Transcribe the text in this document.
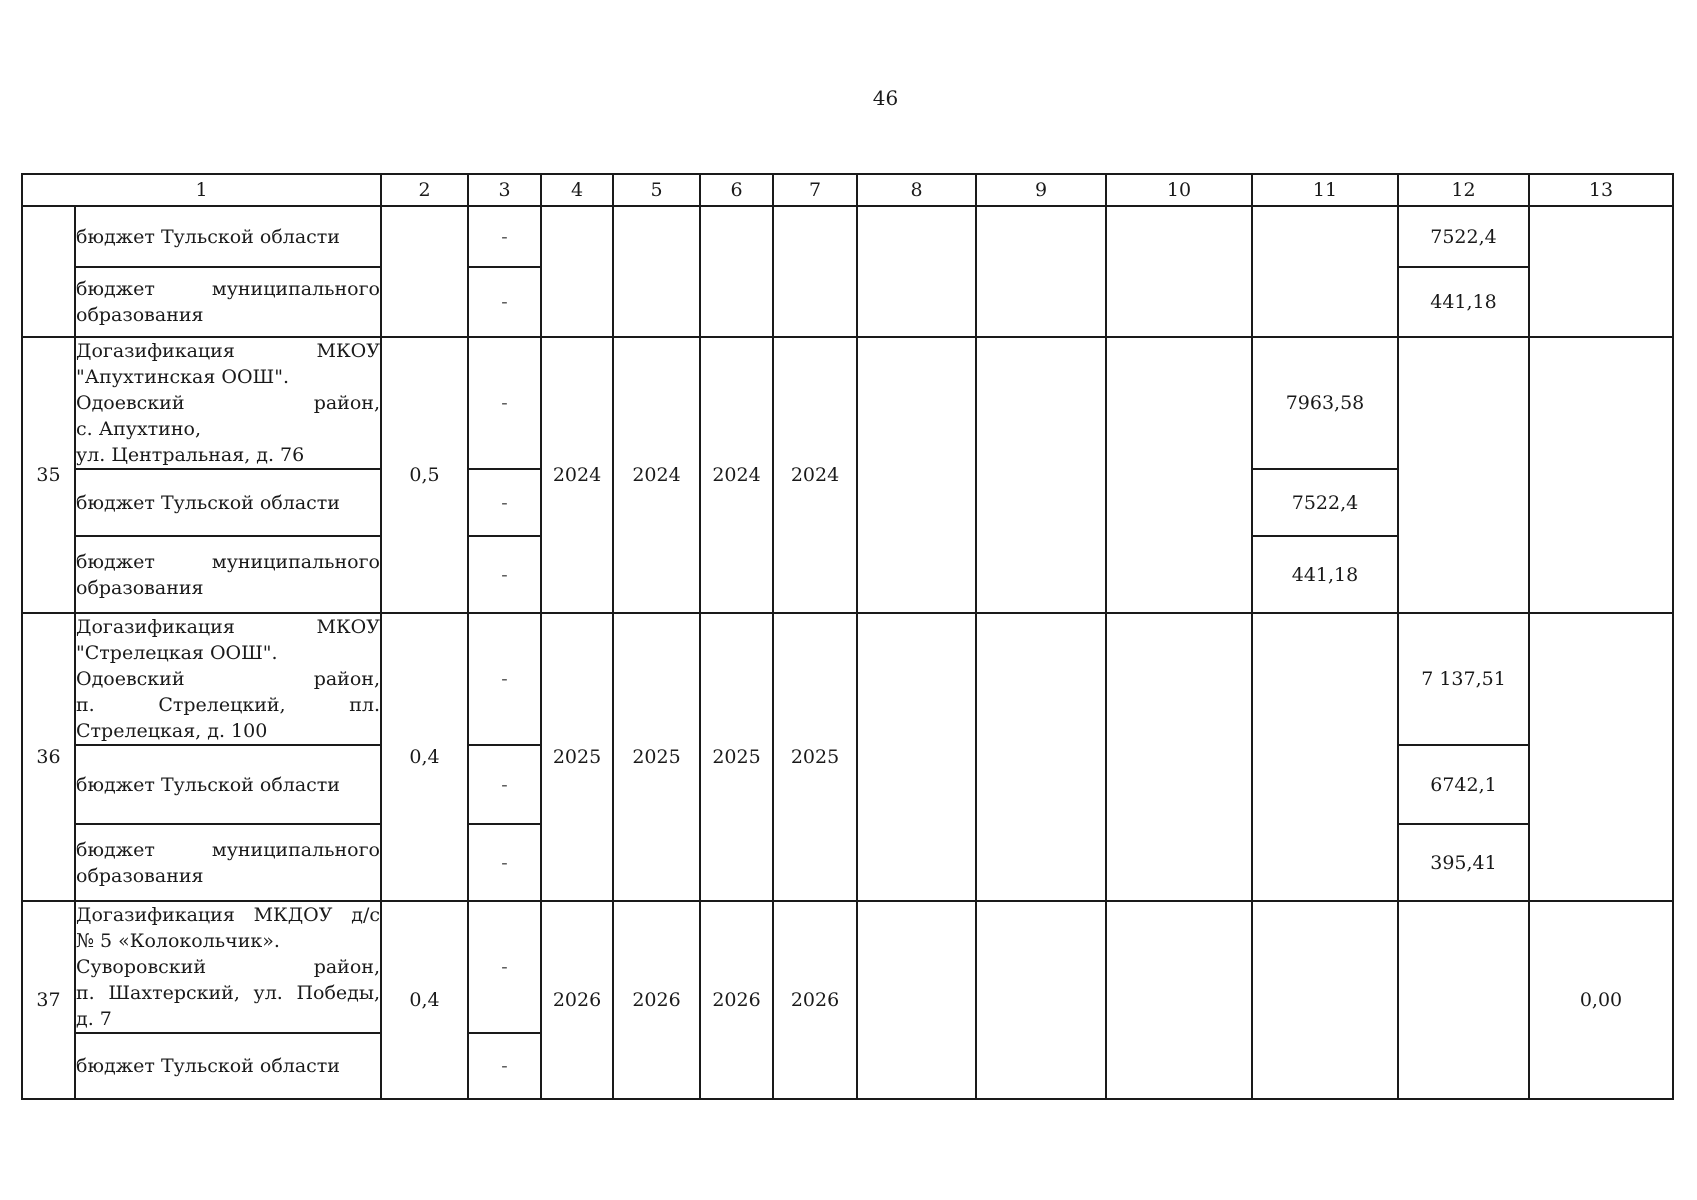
46
1		2	3	4	5	6	7	8	9	10	11	12	13
	бюджет Тульской области		-									7522,4	

	бюджет муниципального
образования		-									441,18	
35	Догазификация МКОУ
"Апухтинская ООШ".
Одоевский район,
с. Апухтино,
ул. Центральная, д. 76	0,5	-	2024	2024	2024	2024				7963,58		
	бюджет Тульской области		-								7522,4		

	бюджет муниципального
образования		-								441,18		
36	Догазификация МКОУ
"Стрелецкая ООШ".
Одоевский район,
п. Стрелецкий, пл.
Стрелецкая, д. 100	0,4	-	2025	2025	2025	2025					7 137,51	
	бюджет Тульской области		-									6742,1	

	бюджет муниципального
образования		-									395,41	
37	Догазификация МКДОУ д/с
№ 5 «Колокольчик».
Суворовский район,
п. Шахтерский, ул. Победы,
д. 7	0,4	-	2026	2026	2026	2026						0,00
	бюджет Тульской области		-										
